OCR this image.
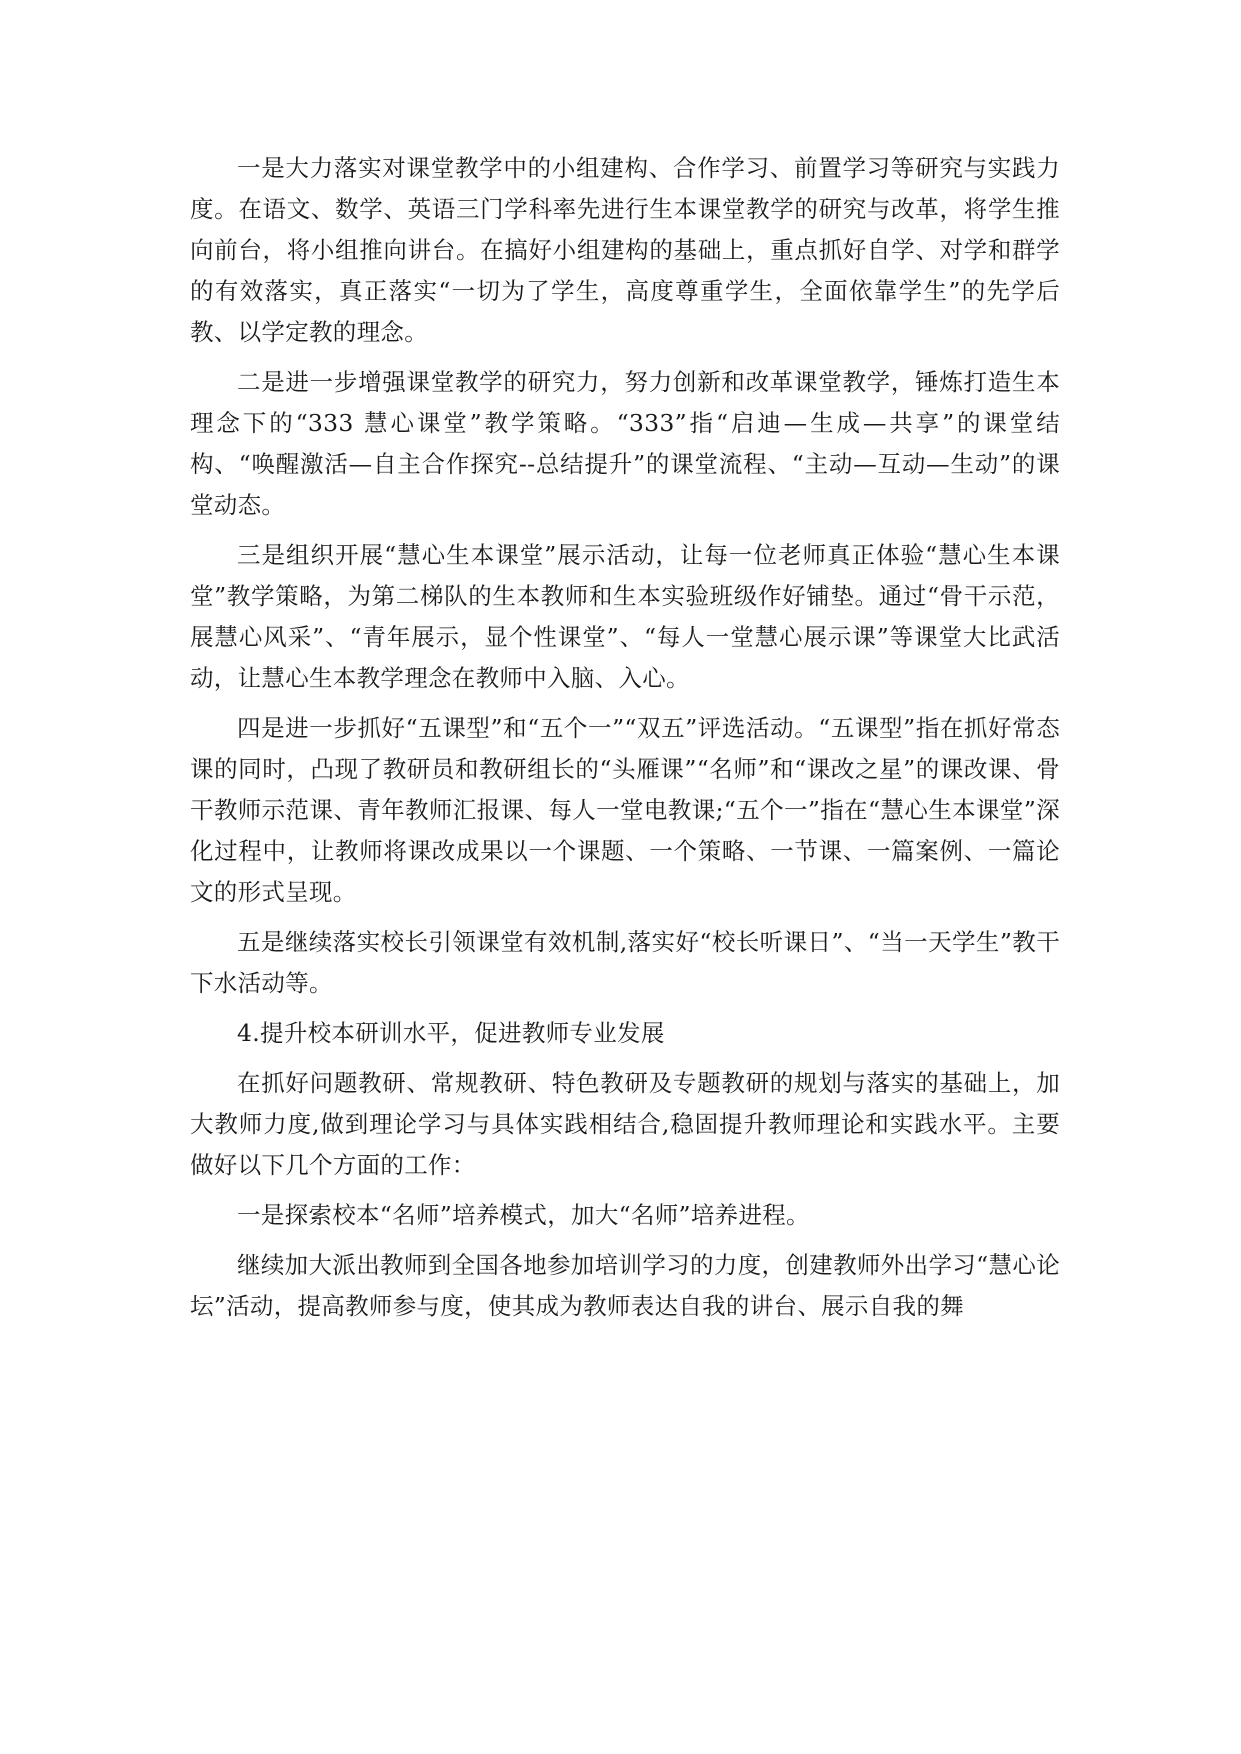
一是大力落实对课堂教学中的小组建构、合作学习、前置学习等研究与实践力度。在语文、数学、英语三门学科率先进行生本课堂教学的研究与改革，将学生推向前台，将小组推向讲台。在搞好小组建构的基础上，重点抓好自学、对学和群学的有效落实，真正落实“一切为了学生，高度尊重学生，全面依靠学生”的先学后教、以学定教的理念。

二是进一步增强课堂教学的研究力，努力创新和改革课堂教学，锤炼打造生本理念下的“333 慧心课堂”教学策略。“333”指“启迪—生成—共享”的课堂结构、“唤醒激活—自主合作探究--总结提升”的课堂流程、“主动—互动—生动”的课堂动态。

三是组织开展“慧心生本课堂”展示活动，让每一位老师真正体验“慧心生本课堂”教学策略，为第二梯队的生本教师和生本实验班级作好铺垫。通过“骨干示范，展慧心风采”、“青年展示，显个性课堂”、“每人一堂慧心展示课”等课堂大比武活动，让慧心生本教学理念在教师中入脑、入心。

四是进一步抓好“五课型”和“五个一”“双五”评选活动。“五课型”指在抓好常态课的同时，凸现了教研员和教研组长的“头雁课”“名师”和“课改之星”的课改课、骨干教师示范课、青年教师汇报课、每人一堂电教课;“五个一”指在“慧心生本课堂”深化过程中，让教师将课改成果以一个课题、一个策略、一节课、一篇案例、一篇论文的形式呈现。

五是继续落实校长引领课堂有效机制,落实好“校长听课日”、“当一天学生”教干下水活动等。

4.提升校本研训水平，促进教师专业发展

在抓好问题教研、常规教研、特色教研及专题教研的规划与落实的基础上，加大教师力度,做到理论学习与具体实践相结合,稳固提升教师理论和实践水平。主要做好以下几个方面的工作：

一是探索校本“名师”培养模式，加大“名师”培养进程。

继续加大派出教师到全国各地参加培训学习的力度，创建教师外出学习“慧心论坛”活动，提高教师参与度，使其成为教师表达自我的讲台、展示自我的舞
